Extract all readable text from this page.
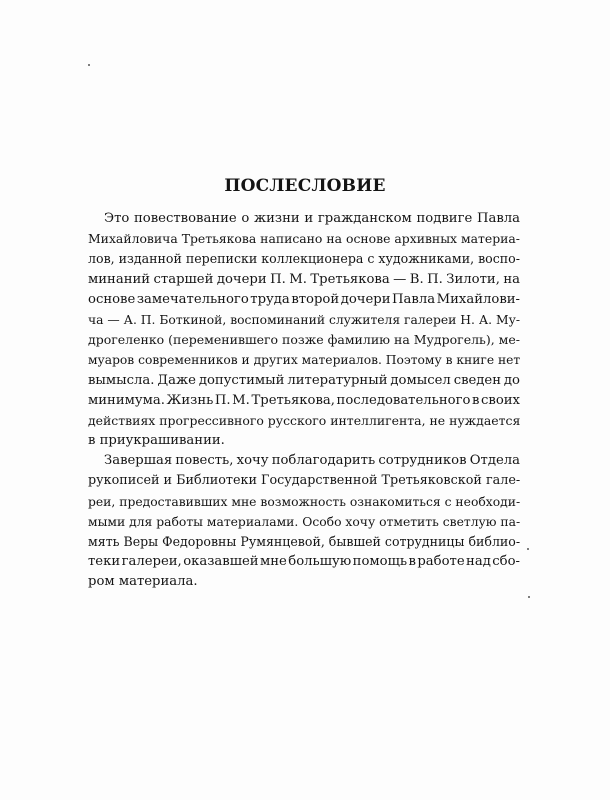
ПОСЛЕСЛОВИЕ
Это повествование о жизни и гражданском подвиге Павла
Михайловича Третьякова написано на основе архивных материа-
лов, изданной переписки коллекционера с художниками, воспо-
минаний старшей дочери П. М. Третьякова — В. П. Зилоти, на
основе замечательного труда второй дочери Павла Михайлови-
ча — А. П. Боткиной, воспоминаний служителя галереи Н. А. Му-
дрогеленко (переменившего позже фамилию на Мудрогель), ме-
муаров современников и других материалов. Поэтому в книге нет
вымысла. Даже допустимый литературный домысел сведен до
минимума. Жизнь П. М. Третьякова, последовательного в своих
действиях прогрессивного русского интеллигента, не нуждается
в приукрашивании.
Завершая повесть, хочу поблагодарить сотрудников Отдела
рукописей и Библиотеки Государственной Третьяковской гале-
реи, предоставивших мне возможность ознакомиться с необходи-
мыми для работы материалами. Особо хочу отметить светлую па-
мять Веры Федоровны Румянцевой, бывшей сотрудницы библио-
теки галереи, оказавшей мне большую помощь в работе над сбо-
ром материала.
